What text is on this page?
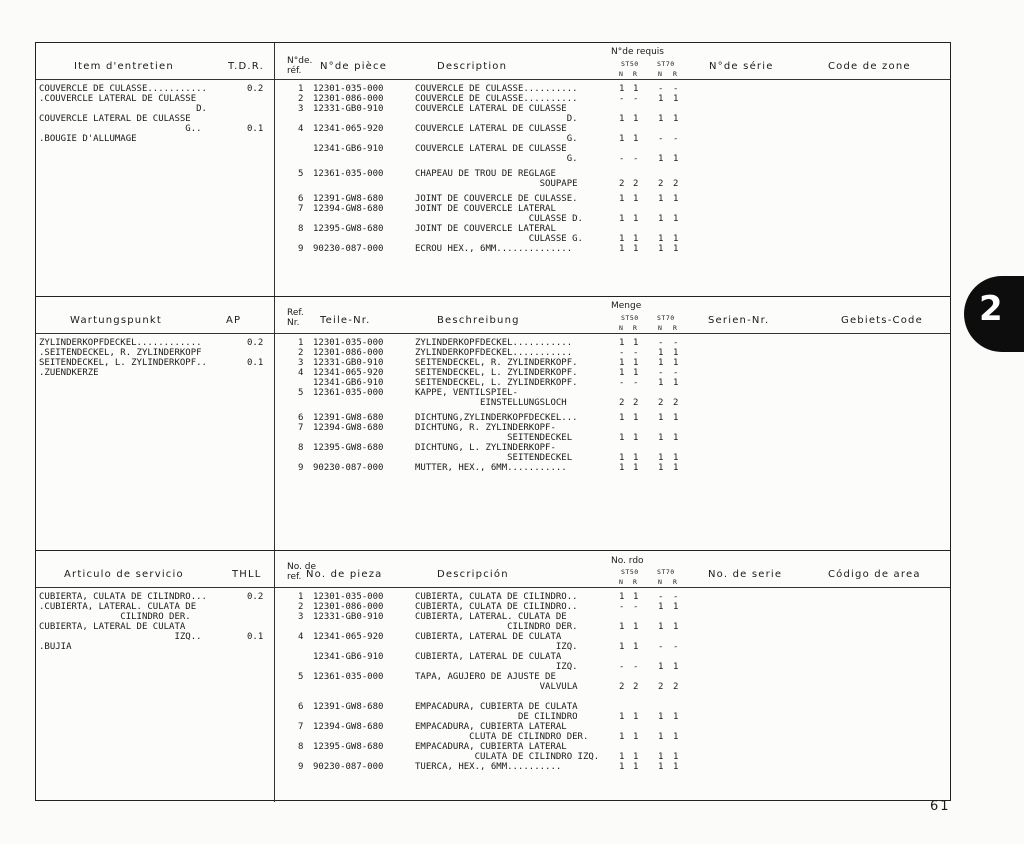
Item d'entretien	T.D.R.	N°de.
réf. N°de pièce	Description
N°de requis
ST50	ST70
N R	N R
N°de série	Code de zone
COUVERCLE DE CULASSE...........	0.2
.COUVERCLE LATERAL DE CULASSE
D.
COUVERCLE LATERAL DE CULASSE
G..	0.1
.BOUGIE D'ALLUMAGE
1 12301-035-000	COUVERCLE DE CULASSE..........	1 1 - -
2 12301-086-000	COUVERCLE DE CULASSE..........	- - 1 1
3 12331-GB0-910	COUVERCLE LATERAL DE CULASSE
D.	1 1 1 1
4 12341-065-920	COUVERCLE LATERAL DE CULASSE
G.	1 1 - -
12341-GB6-910	COUVERCLE LATERAL DE CULASSE
G.	- - 1 1
5 12361-035-000	CHAPEAU DE TROU DE REGLAGE
SOUPAPE	2 2 2 2
6 12391-GW8-680	JOINT DE COUVERCLE DE CULASSE.	1 1 1 1
7 12394-GW8-680	JOINT DE COUVERCLE LATERAL
CULASSE D.	1 1 1 1
8 12395-GW8-680	JOINT DE COUVERCLE LATERAL
CULASSE G.	1 1 1 1
9 90230-087-000	ECROU HEX., 6MM..............	1 1 1 1
Wartungspunkt	AP
Ref.
Nr. Teile-Nr.	Beschreibung
Menge
ST50	ST70
N R	N R
Serien-Nr.	Gebiets-Code
ZYLINDERKOPFDECKEL............	0.2
.SEITENDECKEL, R. ZYLINDERKOPF
SEITENDECKEL, L. ZYLINDERKOPF..	0.1
.ZUENDKERZE
1 12301-035-000	ZYLINDERKOPFDECKEL...........	1 1 - -
2 12301-086-000	ZYLINDERKOPFDECKEL...........	- - 1 1
3 12331-GB0-910	SEITENDECKEL, R. ZYLINDERKOPF.	1 1 1 1
4 12341-065-920	SEITENDECKEL, L. ZYLINDERKOPF.	1 1 - -
12341-GB6-910	SEITENDECKEL, L. ZYLINDERKOPF.	- - 1 1
5 12361-035-000	KAPPE, VENTILSPIEL-
EINSTELLUNGSLOCH	2 2 2 2
6 12391-GW8-680	DICHTUNG,ZYLINDERKOPFDECKEL...	1 1 1 1
7 12394-GW8-680	DICHTUNG, R. ZYLINDERKOPF-
SEITENDECKEL	1 1 1 1
8 12395-GW8-680	DICHTUNG, L. ZYLINDERKOPF-
SEITENDECKEL	1 1 1 1
9 90230-087-000	MUTTER, HEX., 6MM...........	1 1 1 1
Articulo de servicio	THLL
No. de
ref. No. de pieza	Descripción
No. rdo
ST50	ST70
N R	N R
No. de serie	Código de area
CUBIERTA, CULATA DE CILINDRO...	0.2
.CUBIERTA, LATERAL. CULATA DE
CILINDRO DER.
CUBIERTA, LATERAL DE CULATA
IZQ..	0.1
.BUJIA
1 12301-035-000	CUBIERTA, CULATA DE CILINDRO..	1 1 - -
2 12301-086-000	CUBIERTA, CULATA DE CILINDRO..	- - 1 1
3 12331-GB0-910	CUBIERTA, LATERAL. CULATA DE
CILINDRO DER.	1 1 1 1
4 12341-065-920	CUBIERTA, LATERAL DE CULATA
IZQ.	1 1 - -
12341-GB6-910	CUBIERTA, LATERAL DE CULATA
IZQ.	- - 1 1
5 12361-035-000	TAPA, AGUJERO DE AJUSTE DE
VALVULA	2 2 2 2
6 12391-GW8-680	EMPACADURA, CUBIERTA DE CULATA
DE CILINDRO	1 1 1 1
7 12394-GW8-680	EMPACADURA, CUBIERTA LATERAL
CLUTA DE CILINDRO DER.	1 1 1 1
8 12395-GW8-680	EMPACADURA, CUBIERTA LATERAL
CULATA DE CILINDRO IZQ. 1 1 1 1
9 90230-087-000	TUERCA, HEX., 6MM..........	1 1 1 1
2
61
